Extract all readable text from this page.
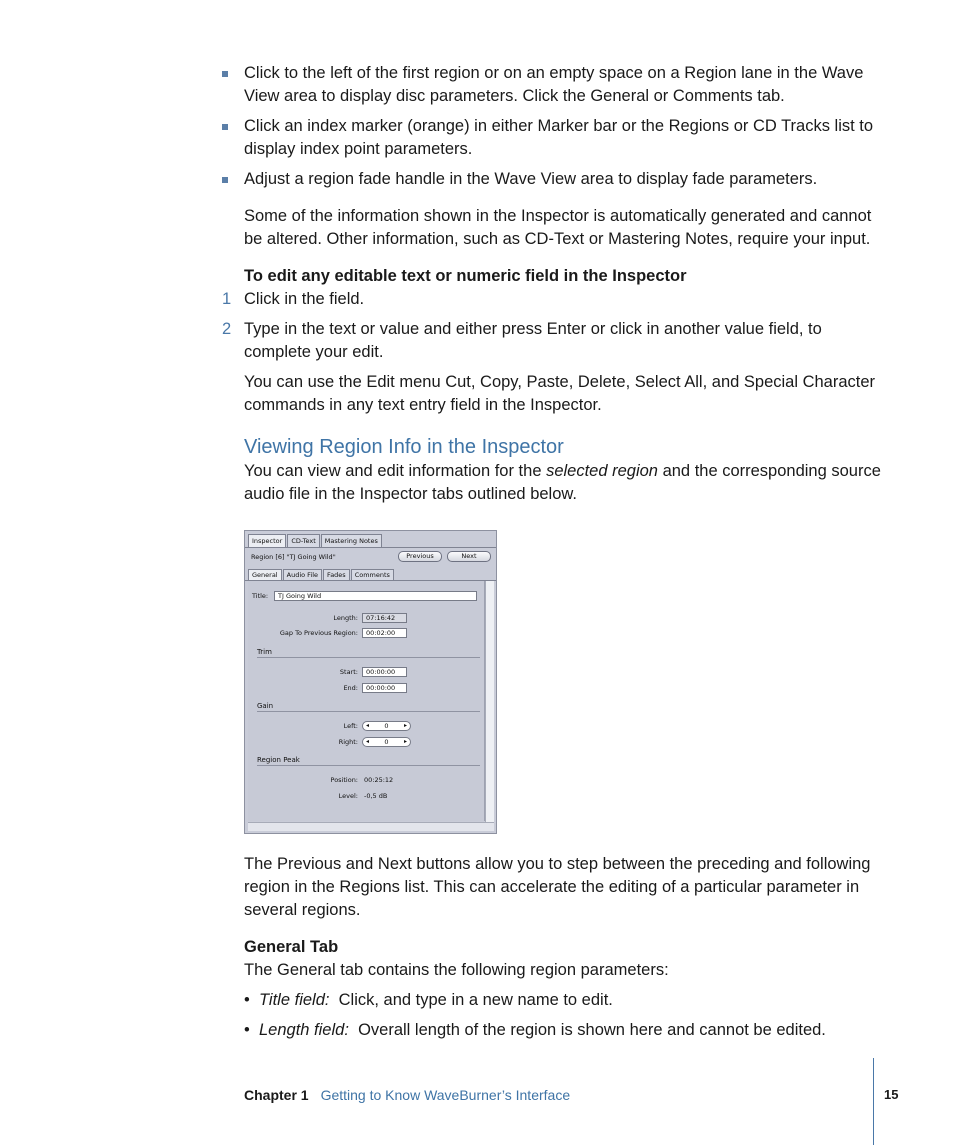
Click to the left of the first region or on an empty space on a Region lane in the Wave View area to display disc parameters. Click the General or Comments tab.

Click an index marker (orange) in either Marker bar or the Regions or CD Tracks list to display index point parameters.

Adjust a region fade handle in the Wave View area to display fade parameters.

Some of the information shown in the Inspector is automatically generated and cannot be altered. Other information, such as CD-Text or Mastering Notes, require your input.

To edit any editable text or numeric field in the Inspector

1 Click in the field.

2 Type in the text or value and either press Enter or click in another value field, to complete your edit.

You can use the Edit menu Cut, Copy, Paste, Delete, Select All, and Special Character commands in any text entry field in the Inspector.

Viewing Region Info in the Inspector

You can view and edit information for the selected region and the corresponding source audio file in the Inspector tabs outlined below.

Inspector	CD-Text	Mastering Notes
Region [6] "TJ Going Wild"	Previous	Next
General	Audio File	Fades	Comments
Title:	TJ Going Wild
Length:	07:16:42
Gap To Previous Region:	00:02:00
Trim
Start:	00:00:00
End:	00:00:00
Gain
Left: ◂ 0	▸
Right: ◂ 0	▸
Region Peak
Position: 00:25:12
Level: -0,5 dB

The Previous and Next buttons allow you to step between the preceding and following region in the Regions list. This can accelerate the editing of a particular parameter in several regions.

General Tab

The General tab contains the following region parameters:

• Title field: Click, and type in a new name to edit.
• Length field: Overall length of the region is shown here and cannot be edited.
Chapter 1 Getting to Know WaveBurner’s Interface	15
